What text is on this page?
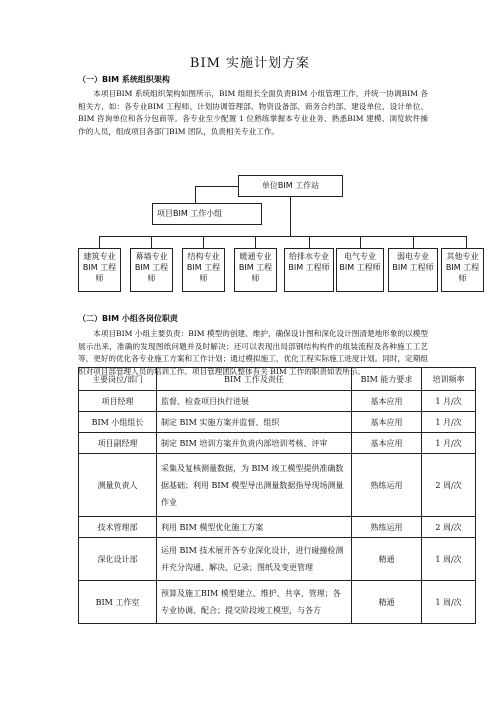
BIM 实施计划方案
（一）BIM 系统组织架构
本项目BIM 系统组织架构如图所示，BIM 组组长全面负责BIM 小组管理工作，并统一协调BIM 各相关方，如：各专业BIM 工程师、计划协调管理部、物资设备部、商务合约部、建设单位、设计单位、BIM 咨询单位和各分包商等。各专业至少配置 1 位熟练掌握本专业业务、熟悉BIM 建模、浏览软件操作的人员，组成项目各部门BIM 团队，负责相关专业工作。
单位BIM 工作站
项目BIM 工作小组
建筑专业 BIM 工程师
幕墙专业 BIM 工程师
结构专业 BIM 工程师
暖通专业 BIM 工程师
给排水专业 BIM 工程师
电气专业 BIM 工程师
弱电专业 BIM 工程师
其他专业 BIM 工程师
（二）BIM 小组各岗位职责
本项目BIM 小组主要负责：BIM 模型的创建、维护，确保设计图和深化设计图清楚地形象的以模型展示出来，准确的发现图纸问题并及时解决；还可以表现出局部钢结构构件的组装流程及各种施工工艺等，更好的优化各专业施工方案和工作计划；通过模拟施工，优化工程实际施工进度计划。同时，定期组织对项目部管理人员的培训工作。项目管理团队整体有关 BIM 工作的职责如表所示。
主要岗位/部门	BIM 工作及责任	BIM 能力要求	培训频率
项目经理	监督、检查项目执行进展	基本应用	1 月/次
BIM 小组组长	制定 BIM 实施方案并监督、组织	基本应用	1 月/次
项目副经理	制定 BIM 培训方案并负责内部培训考核、评审	基本应用	1 月/次
测量负责人	采集及复核测量数据，为 BIM 竣工模型提供准确数据基础；利用 BIM 模型导出测量数据指导现场测量作业	熟练运用	2 周/次
技术管理部	利用 BIM 模型优化施工方案	熟练运用	2 周/次
深化设计部	运用 BIM 技术展开各专业深化设计，进行碰撞检测并充分沟通、解决、记录；图纸及变更管理	精通	1 周/次
BIM 工作室	预算及施工BIM 模型建立、维护、共享、管理；各专业协调、配合；提交阶段竣工模型，与各方	精通	1 周/次
